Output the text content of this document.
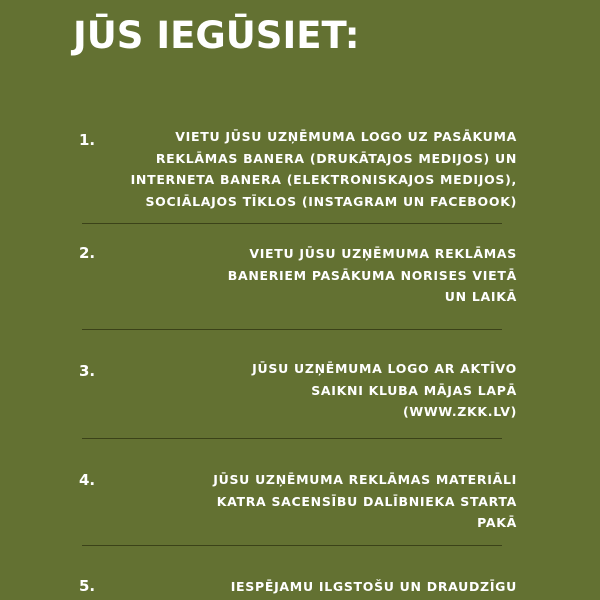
JŪS IEGŪSIET:
1.	VIETU JŪSU UZŅĒMUMA LOGO UZ PASĀKUMA
REKLĀMAS BANERA (DRUKĀTAJOS MEDIJOS) UN
INTERNETA BANERA (ELEKTRONISKAJOS MEDIJOS),
SOCIĀLAJOS TĪKLOS (INSTAGRAM UN FACEBOOK)
2.	VIETU JŪSU UZŅĒMUMA REKLĀMAS
BANERIEM PASĀKUMA NORISES VIETĀ
UN LAIKĀ
3.	JŪSU UZŅĒMUMA LOGO AR AKTĪVO
SAIKNI KLUBA MĀJAS LAPĀ
(WWW.ZKK.LV)
4.	JŪSU UZŅĒMUMA REKLĀMAS MATERIĀLI
KATRA SACENSĪBU DALĪBNIEKA STARTA
PAKĀ
5.	IESPĒJAMU ILGSTOŠU UN DRAUDZĪGU
